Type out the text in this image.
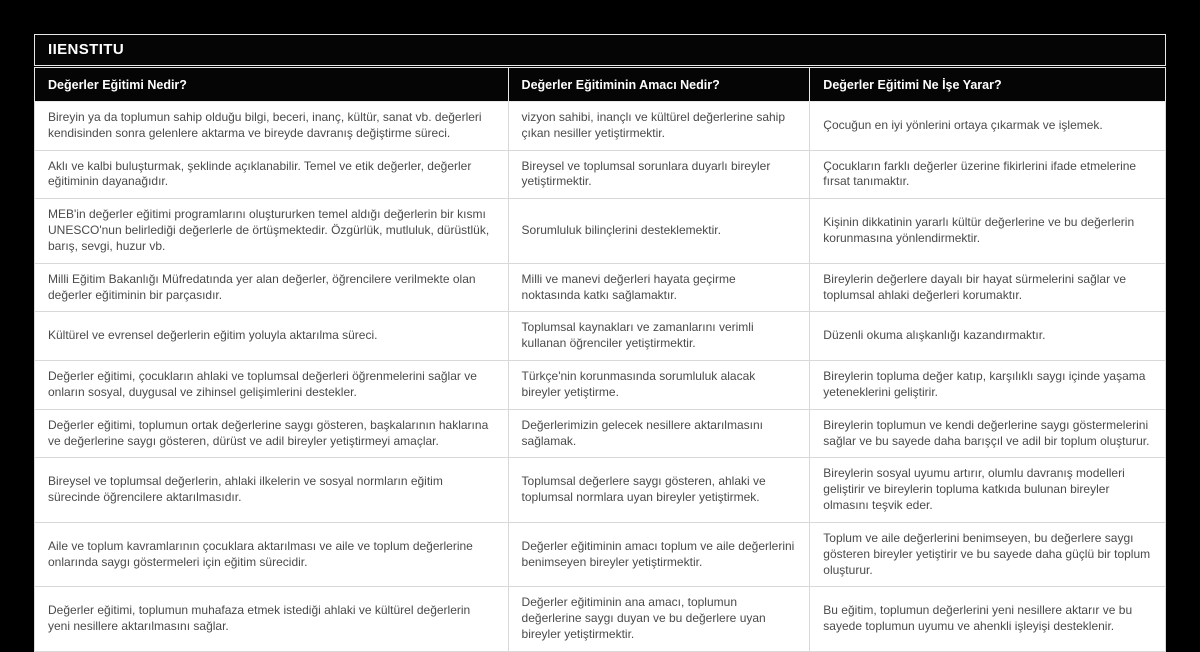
IIENSTITU
Değerler Eğitimi Nedir?	Değerler Eğitiminin Amacı Nedir?	Değerler Eğitimi Ne İşe Yarar?
Bireyin ya da toplumun sahip olduğu bilgi, beceri, inanç, kültür, sanat vb. değerleri kendisinden sonra gelenlere aktarma ve bireyde davranış değiştirme süreci.	vizyon sahibi, inançlı ve kültürel değerlerine sahip çıkan nesiller yetiştirmektir.	Çocuğun en iyi yönlerini ortaya çıkarmak ve işlemek.
Aklı ve kalbi buluşturmak, şeklinde açıklanabilir. Temel ve etik değerler, değerler eğitiminin dayanağıdır.	Bireysel ve toplumsal sorunlara duyarlı bireyler yetiştirmektir.	Çocukların farklı değerler üzerine fikirlerini ifade etmelerine fırsat tanımaktır.
MEB'in değerler eğitimi programlarını oluştururken temel aldığı değerlerin bir kısmı UNESCO'nun belirlediği değerlerle de örtüşmektedir. Özgürlük, mutluluk, dürüstlük, barış, sevgi, huzur vb.	Sorumluluk bilinçlerini desteklemektir.	Kişinin dikkatinin yararlı kültür değerlerine ve bu değerlerin korunmasına yönlendirmektir.
Milli Eğitim Bakanlığı Müfredatında yer alan değerler, öğrencilere verilmekte olan değerler eğitiminin bir parçasıdır.	Milli ve manevi değerleri hayata geçirme noktasında katkı sağlamaktır.	Bireylerin değerlere dayalı bir hayat sürmelerini sağlar ve toplumsal ahlaki değerleri korumaktır.
Kültürel ve evrensel değerlerin eğitim yoluyla aktarılma süreci.	Toplumsal kaynakları ve zamanlarını verimli kullanan öğrenciler yetiştirmektir.	Düzenli okuma alışkanlığı kazandırmaktır.
Değerler eğitimi, çocukların ahlaki ve toplumsal değerleri öğrenmelerini sağlar ve onların sosyal, duygusal ve zihinsel gelişimlerini destekler.	Türkçe'nin korunmasında sorumluluk alacak bireyler yetiştirme.	Bireylerin topluma değer katıp, karşılıklı saygı içinde yaşama yeteneklerini geliştirir.
Değerler eğitimi, toplumun ortak değerlerine saygı gösteren, başkalarının haklarına ve değerlerine saygı gösteren, dürüst ve adil bireyler yetiştirmeyi amaçlar.	Değerlerimizin gelecek nesillere aktarılmasını sağlamak.	Bireylerin toplumun ve kendi değerlerine saygı göstermelerini sağlar ve bu sayede daha barışçıl ve adil bir toplum oluşturur.
Bireysel ve toplumsal değerlerin, ahlaki ilkelerin ve sosyal normların eğitim sürecinde öğrencilere aktarılmasıdır.	Toplumsal değerlere saygı gösteren, ahlaki ve toplumsal normlara uyan bireyler yetiştirmek.	Bireylerin sosyal uyumu artırır, olumlu davranış modelleri geliştirir ve bireylerin topluma katkıda bulunan bireyler olmasını teşvik eder.
Aile ve toplum kavramlarının çocuklara aktarılması ve aile ve toplum değerlerine onlarında saygı göstermeleri için eğitim sürecidir.	Değerler eğitiminin amacı toplum ve aile değerlerini benimseyen bireyler yetiştirmektir.	Toplum ve aile değerlerini benimseyen, bu değerlere saygı gösteren bireyler yetiştirir ve bu sayede daha güçlü bir toplum oluşturur.
Değerler eğitimi, toplumun muhafaza etmek istediği ahlaki ve kültürel değerlerin yeni nesillere aktarılmasını sağlar.	Değerler eğitiminin ana amacı, toplumun değerlerine saygı duyan ve bu değerlere uyan bireyler yetiştirmektir.	Bu eğitim, toplumun değerlerini yeni nesillere aktarır ve bu sayede toplumun uyumu ve ahenkli işleyişi desteklenir.
